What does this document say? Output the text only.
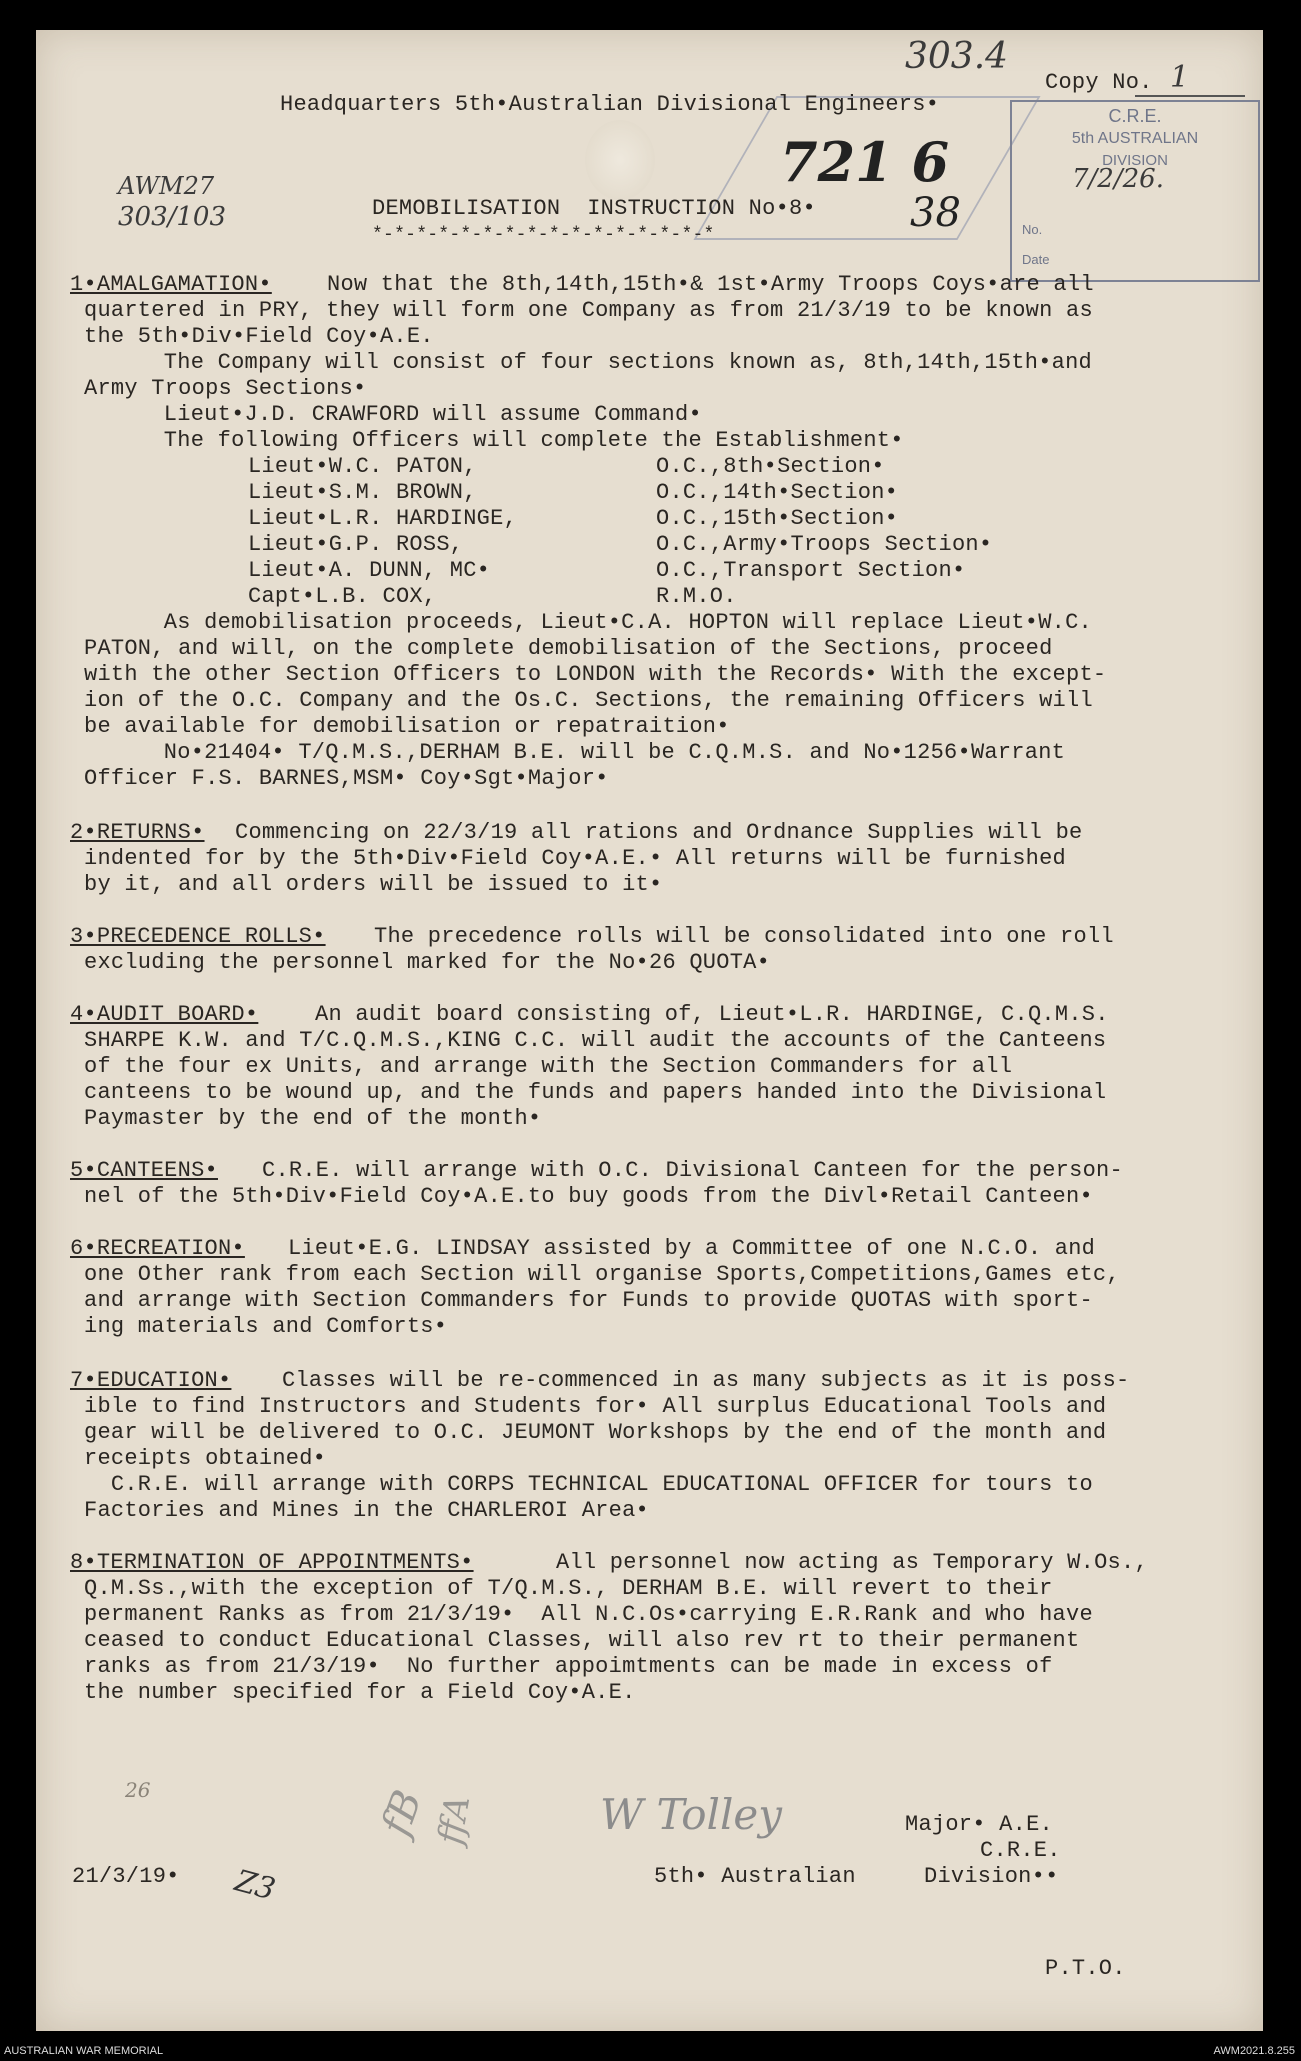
303.4
Copy No. 1
Headquarters 5th•Australian Divisional Engineers•	C.R.E.
5th AUSTRALIAN
DIVISION
7/2/26.
No.
Date
AWM27
303/103
721 6
38
DEMOBILISATION  INSTRUCTION No•8•
*-*-*-*-*-*-*-*-*-*-*-*-*-*-*-*
1•AMALGAMATION•	Now that the 8th,14th,15th•& 1st•Army Troops Coys•are all
quartered in PRY, they will form one Company as from 21/3/19 to be known as
the 5th•Div•Field Coy•A.E.
The Company will consist of four sections known as, 8th,14th,15th•and
Army Troops Sections•
Lieut•J.D. CRAWFORD will assume Command•
The following Officers will complete the Establishment•
Lieut•W.C. PATON,	O.C.,8th•Section•
Lieut•S.M. BROWN,	O.C.,14th•Section•
Lieut•L.R. HARDINGE,	O.C.,15th•Section•
Lieut•G.P. ROSS,	O.C.,Army•Troops Section•
Lieut•A. DUNN, MC•	O.C.,Transport Section•
Capt•L.B. COX,	R.M.O.
As demobilisation proceeds, Lieut•C.A. HOPTON will replace Lieut•W.C.
PATON, and will, on the complete demobilisation of the Sections, proceed
with the other Section Officers to LONDON with the Records• With the except-
ion of the O.C. Company and the Os.C. Sections, the remaining Officers will
be available for demobilisation or repatraition•
No•21404• T/Q.M.S.,DERHAM B.E. will be C.Q.M.S. and No•1256•Warrant
Officer F.S. BARNES,MSM• Coy•Sgt•Major•
2•RETURNS• Commencing on 22/3/19 all rations and Ordnance Supplies will be
indented for by the 5th•Div•Field Coy•A.E.• All returns will be furnished
by it, and all orders will be issued to it•
3•PRECEDENCE ROLLS• The precedence rolls will be consolidated into one roll
excluding the personnel marked for the No•26 QUOTA•
4•AUDIT BOARD•	An audit board consisting of, Lieut•L.R. HARDINGE, C.Q.M.S.
SHARPE K.W. and T/C.Q.M.S.,KING C.C. will audit the accounts of the Canteens
of the four ex Units, and arrange with the Section Commanders for all
canteens to be wound up, and the funds and papers handed into the Divisional
Paymaster by the end of the month•
5•CANTEENS• C.R.E. will arrange with O.C. Divisional Canteen for the person-
nel of the 5th•Div•Field Coy•A.E.to buy goods from the Divl•Retail Canteen•
6•RECREATION• Lieut•E.G. LINDSAY assisted by a Committee of one N.C.O. and
one Other rank from each Section will organise Sports,Competitions,Games etc,
and arrange with Section Commanders for Funds to provide QUOTAS with sport-
ing materials and Comforts•
7•EDUCATION• Classes will be re-commenced in as many subjects as it is poss-
ible to find Instructors and Students for• All surplus Educational Tools and
gear will be delivered to O.C. JEUMONT Workshops by the end of the month and
receipts obtained•
C.R.E. will arrange with CORPS TECHNICAL EDUCATIONAL OFFICER for tours to
Factories and Mines in the CHARLEROI Area•
8•TERMINATION OF APPOINTMENTS•	All personnel now acting as Temporary W.Os.,
Q.M.Ss.,with the exception of T/Q.M.S., DERHAM B.E. will revert to their
permanent Ranks as from 21/3/19•  All N.C.Os•carrying E.R.Rank and who have
ceased to conduct Educational Classes, will also rev rt to their permanent
ranks as from 21/3/19•  No further appoimtments can be made in excess of
the number specified for a Field Coy•A.E.
26	fB ffA	W Tolley	Major• A.E.
C.R.E.
5th• Australian	Division••
21/3/19• Z3
P.T.O.
AUSTRALIAN WAR MEMORIAL	AWM2021.8.255
